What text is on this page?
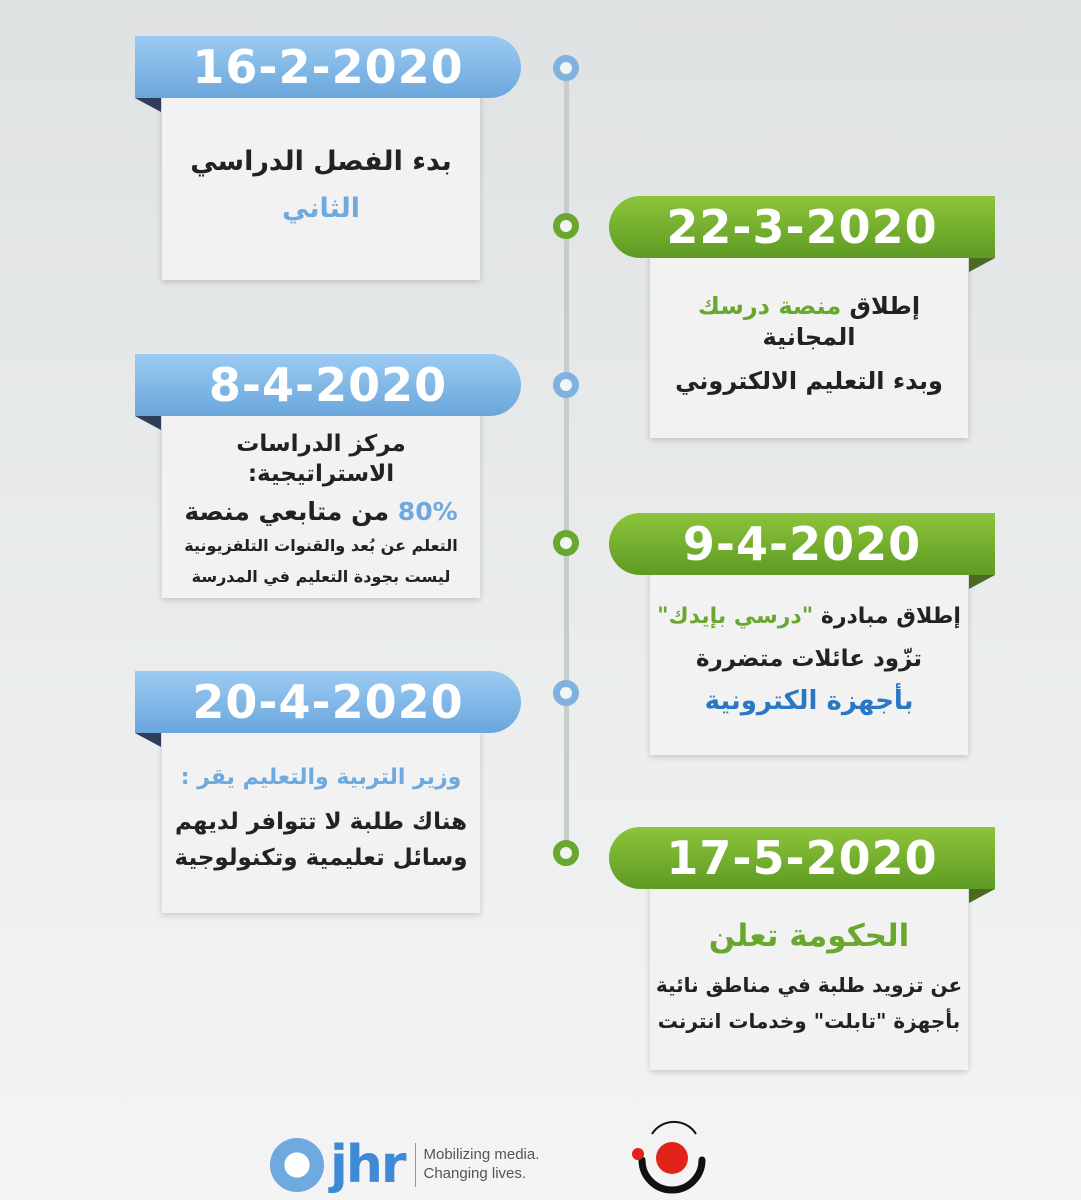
بدء الفصل الدراسي
الثاني
16-2-2020
إطلاق منصة درسك المجانية
وبدء التعليم الالكتروني
22-3-2020
مركز الدراسات الاستراتيجية:
80% من متابعي منصة
التعلم عن بُعد والقنوات التلفزيونية
ليست بجودة التعليم في المدرسة
8-4-2020
إطلاق مبادرة "درسي بإيدك"
تزّود عائلات متضررة
بأجهزة الكترونية
9-4-2020
وزير التربية والتعليم يقر :
هناك طلبة لا تتوافر لديهم
وسائل تعليمية وتكنولوجية
20-4-2020
الحكومة تعلن
عن تزويد طلبة في مناطق نائية
بأجهزة "تابلت" وخدمات انترنت
17-5-2020
jhr Mobilizing media.
Changing lives.
